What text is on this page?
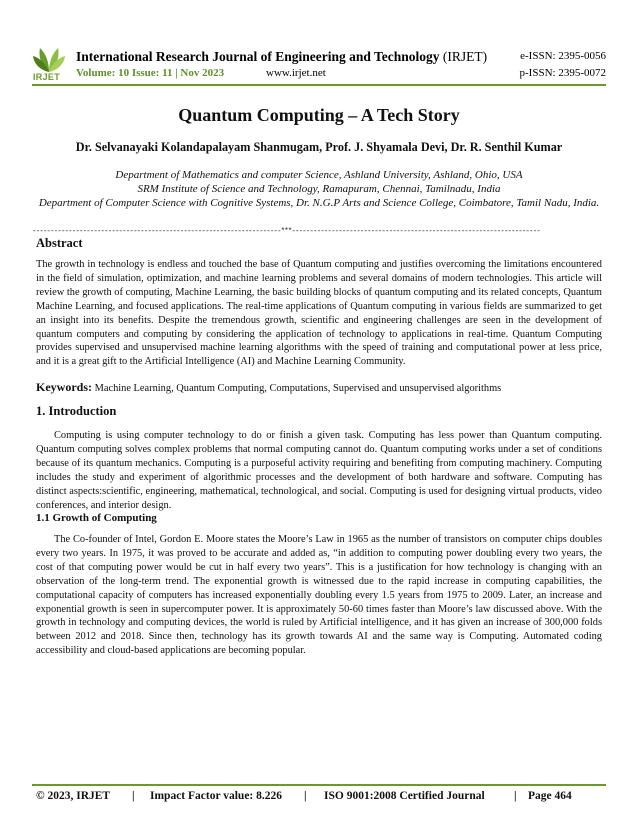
IRJET
International Research Journal of Engineering and Technology (IRJET)
Volume: 10 Issue: 11 | Nov 2023	www.irjet.net
e-ISSN: 2395-0056
p-ISSN: 2395-0072
Quantum Computing – A Tech Story
Dr. Selvanayaki Kolandapalayam Shanmugam, Prof. J. Shyamala Devi, Dr. R. Senthil Kumar
Department of Mathematics and computer Science, Ashland University, Ashland, Ohio, USA
SRM Institute of Science and Technology, Ramapuram, Chennai, Tamilnadu, India
Department of Computer Science with Cognitive Systems, Dr. N.G.P Arts and Science College, Coimbatore, Tamil Nadu, India.
---------------------------------------------------------------------***---------------------------------------------------------------------
Abstract
The growth in technology is endless and touched the base of Quantum computing and justifies overcoming the limitations encountered in the field of simulation, optimization, and machine learning problems and several domains of modern technologies. This article will review the growth of computing, Machine Learning, the basic building blocks of quantum computing and its related concepts, Quantum Machine Learning, and focused applications. The real-time applications of Quantum computing in various fields are summarized to get an insight into its benefits. Despite the tremendous growth, scientific and engineering challenges are seen in the development of quantum computers and computing by considering the application of technology to applications in real-time. Quantum Computing provides supervised and unsupervised machine learning algorithms with the speed of training and computational power at less price, and it is a great gift to the Artificial Intelligence (AI) and Machine Learning Community.
Keywords: Machine Learning, Quantum Computing, Computations, Supervised and unsupervised algorithms
1. Introduction
Computing is using computer technology to do or finish a given task. Computing has less power than Quantum computing. Quantum computing solves complex problems that normal computing cannot do. Quantum computing works under a set of conditions because of its quantum mechanics. Computing is a purposeful activity requiring and benefiting from computing machinery. Computing includes the study and experiment of algorithmic processes and the development of both hardware and software. Computing has distinct aspects:scientific, engineering, mathematical, technological, and social. Computing is used for designing virtual products, video conferences, and interior design.
1.1 Growth of Computing
The Co-founder of Intel, Gordon E. Moore states the Moore’s Law in 1965 as the number of transistors on computer chips doubles every two years. In 1975, it was proved to be accurate and added as, “in addition to computing power doubling every two years, the cost of that computing power would be cut in half every two years”. This is a justification for how technology is changing with an observation of the long-term trend. The exponential growth is witnessed due to the rapid increase in computing capabilities, the computational capacity of computers has increased exponentially doubling every 1.5 years from 1975 to 2009. Later, an increase and exponential growth is seen in supercomputer power. It is approximately 50-60 times faster than Moore’s law discussed above. With the growth in technology and computing devices, the world is ruled by Artificial intelligence, and it has given an increase of 300,000 folds between 2012 and 2018. Since then, technology has its growth towards AI and the same way is Computing. Automated coding accessibility and cloud-based applications are becoming popular.
© 2023, IRJET | Impact Factor value: 8.226 | ISO 9001:2008 Certified Journal	| Page 464
